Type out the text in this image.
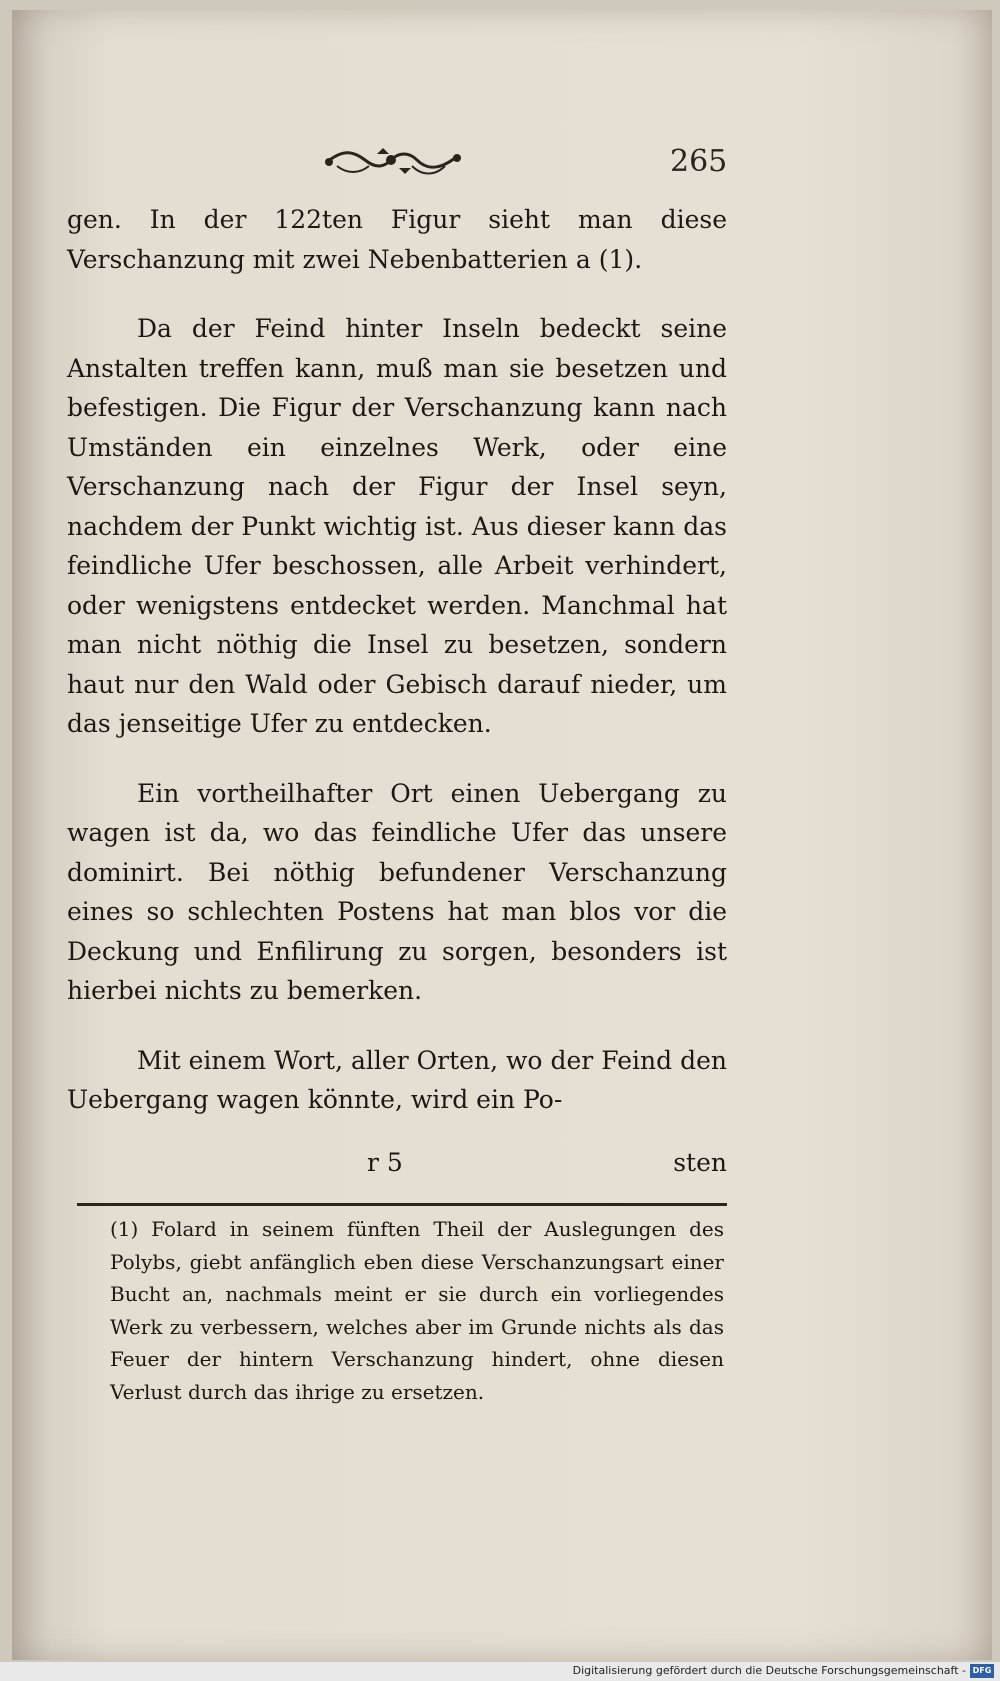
265

gen. In der 122ten Figur sieht man diese Verschanzung mit zwei Nebenbatterien a (1).

Da der Feind hinter Inseln bedeckt seine Anstalten treffen kann, muß man sie besetzen und befestigen. Die Figur der Verschanzung kann nach Umständen ein einzelnes Werk, oder eine Verschanzung nach der Figur der Insel seyn, nachdem der Punkt wichtig ist. Aus dieser kann das feindliche Ufer beschossen, alle Arbeit verhindert, oder wenigstens entdecket werden. Manchmal hat man nicht nöthig die Insel zu besetzen, sondern haut nur den Wald oder Gebisch darauf nieder, um das jenseitige Ufer zu entdecken.

Ein vortheilhafter Ort einen Uebergang zu wagen ist da, wo das feindliche Ufer das unsere dominirt. Bei nöthig befundener Verschanzung eines so schlechten Postens hat man blos vor die Deckung und Enfilirung zu sorgen, besonders ist hierbei nichts zu bemerken.

Mit einem Wort, aller Orten, wo der Feind den Uebergang wagen könnte, wird ein Po-

r 5	sten
(1) Folard in seinem fünften Theil der Auslegungen des Polybs, giebt anfänglich eben diese Verschanzungsart einer Bucht an, nachmals meint er sie durch ein vorliegendes Werk zu verbessern, welches aber im Grunde nichts als das Feuer der hintern Verschanzung hindert, ohne diesen Verlust durch das ihrige zu ersetzen.
Digitalisierung gefördert durch die Deutsche Forschungsgemeinschaft - DFG
